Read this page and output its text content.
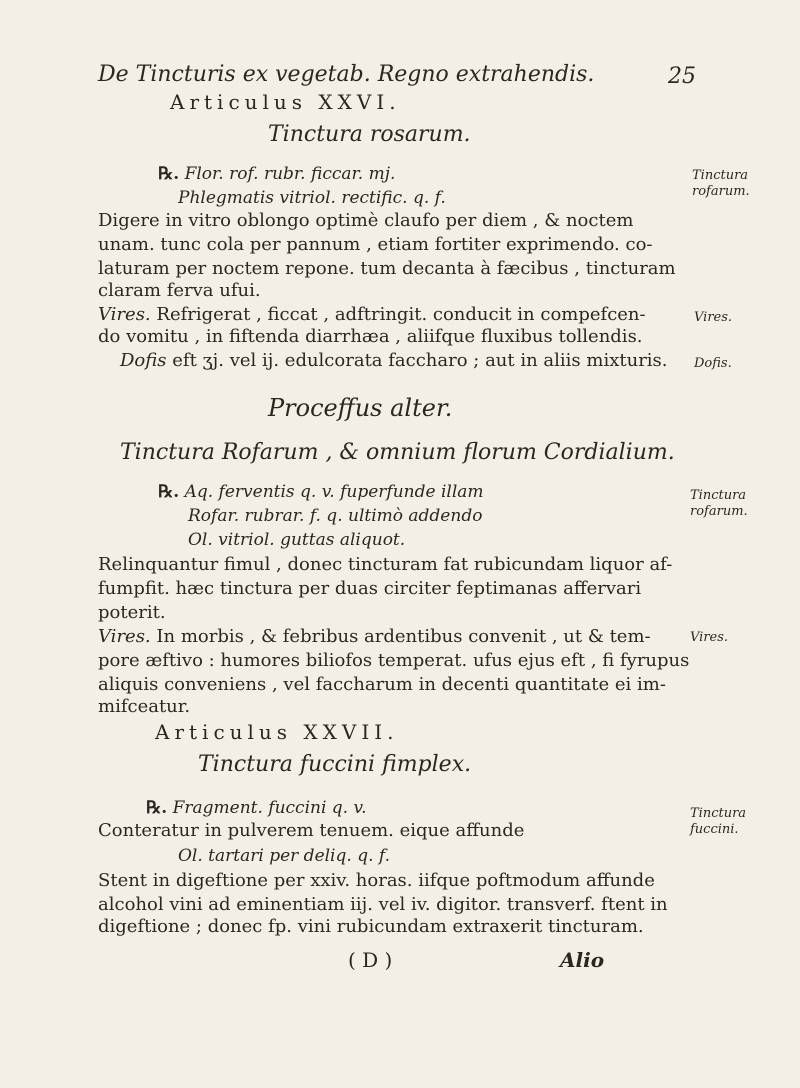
De Tincturis ex vegetab. Regno extrahendis.	25
Articulus XXVI.
Tinctura rosarum.
℞. Flor. rof. rubr. ficcar. mj.
Phlegmatis vitriol. rectific. q. f.
Tinctura
rofarum.
Digere in vitro oblongo optimè claufo per diem , & noctem
unam. tunc cola per pannum , etiam fortiter exprimendo. co-
laturam per noctem repone. tum decanta à fæcibus , tincturam
claram ferva ufui.
Vires. Refrigerat , ficcat , adftringit. conducit in compefcen-	Vires.
do vomitu , in fiftenda diarrhæa , aliifque fluxibus tollendis.
Dofis eft ʒj. vel ij. edulcorata faccharo ; aut in aliis mixturis. Dofis.
Proceffus alter.
Tinctura Rofarum , & omnium florum Cordialium.
℞. Aq. ferventis q. v. fuperfunde illam
Rofar. rubrar. f. q. ultimò addendo
Ol. vitriol. guttas aliquot.
Tinctura
rofarum.
Relinquantur fimul , donec tincturam fat rubicundam liquor af-
fumpfit. hæc tinctura per duas circiter feptimanas affervari
poterit.
Vires. In morbis , & febribus ardentibus convenit , ut & tem-	Vires.
pore æftivo : humores biliofos temperat. ufus ejus eft , fi fyrupus
aliquis conveniens , vel faccharum in decenti quantitate ei im-
mifceatur.
Articulus XXVII.
Tinctura fuccini fimplex.
℞. Fragment. fuccini q. v.
Conteratur in pulverem tenuem. eique affunde
Ol. tartari per deliq. q. f.
Tinctura
fuccini.
Stent in digeftione per xxiv. horas. iifque poftmodum affunde
alcohol vini ad eminentiam iij. vel iv. digitor. transverf. ftent in
digeftione ; donec fp. vini rubicundam extraxerit tincturam.
( D )	Alio
